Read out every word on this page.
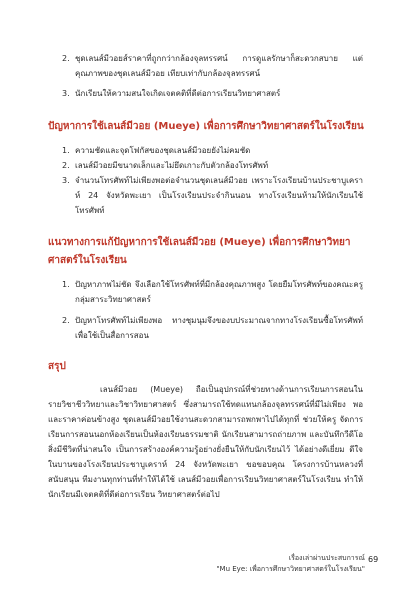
2. ชุดเลนส์มีวอยส์ราคาที่ถูกกว่ากล้องจุลทรรศน์ การดูแลรักษาก็สะดวกสบาย แต่คุณภาพของชุดเลนส์มีวอย เทียบเท่ากับกล้องจุลทรรศน์

3. นักเรียนให้ความสนใจเกิดเจตคติที่ดีต่อการเรียนวิทยาศาสตร์

ปัญหาการใช้เลนส์มีวอย (Mueye) เพื่อการศึกษาวิทยาศาสตร์ในโรงเรียน

1. ความชัดและจุดโฟกัสของชุดเลนส์มีวอยยังไม่คมชัด

2. เลนส์มีวอยมีขนาดเล็กและไม่ยึดเกาะกับตัวกล้องโทรศัพท์

3. จำนวนโทรศัพท์ไม่เพียงพอต่อจำนวนชุดเลนส์มีวอย เพราะโรงเรียนบ้านประชาบูเครา ห์ 24 จังหวัดพะเยา เป็นโรงเรียนประจำกินนอน ทางโรงเรียนห้ามให้นักเรียนใช้โทรศัพท์

แนวทางการแก้ปัญหาการใช้เลนส์มีวอย (Mueye) เพื่อการศึกษาวิทยาศาสตร์ในโรงเรียน

1. ปัญหาภาพไม่ชัด จึงเลือกใช้โทรศัพท์ที่มีกล้องคุณภาพสูง โดยยืมโทรศัพท์ของคณะครูกลุ่มสาระวิทยาศาสตร์

2. ปัญหาโทรศัพท์ไม่เพียงพอ ทางชุมนุมจึงของบประมาณจากทางโรงเรียนซื้อโทรศัพท์เพื่อใช้เป็นสื่อการสอน

สรุป

เลนส์มีวอย (Mueye) ถือเป็นอุปกรณ์ที่ช่วยทางด้านการเรียนการสอนใน รายวิชาชีววิทยาและวิชาวิทยาศาสตร์ ซึ่งสามารถใช้ทดแทนกล้องจุลทรรศน์ที่มีไม่เพียง พอและราคาค่อนข้างสูง ชุดเลนส์มีวอยใช้งานสะดวกสามารถพกพาไปได้ทุกที่ ช่วยให้ครู จัดการเรียนการสอนนอกห้องเรียนเป็นห้องเรียนธรรมชาติ นักเรียนสามารถถ่ายภาพ และบันทึกวีดีโอ สิ่งมีชีวิตที่น่าสนใจ เป็นการสร้างองค์ความรู้อย่างยั่งยืนให้กับนักเรียนไว้ ได้อย่างดีเยี่ยม ดีใจในบานของโรงเรียนประชาบูเคราห์ 24 จังหวัดพะเยา ขอขอบคุณ โครงการบ้านหลวงที่สนับสนุน ทีมงานทุกท่านที่ทำให้ได้ใช้ เลนส์มีวอยเพื่อการเรียนวิทยาศาสตร์ในโรงเรียน ทำให้นักเรียนมีเจตคติที่ดีต่อการเรียน วิทยาศาสตร์ต่อไป

เรื่องเล่าผ่านประสบการณ์
"Mu Eye: เพื่อการศึกษาวิทยาศาสตร์ในโรงเรียน"
69
